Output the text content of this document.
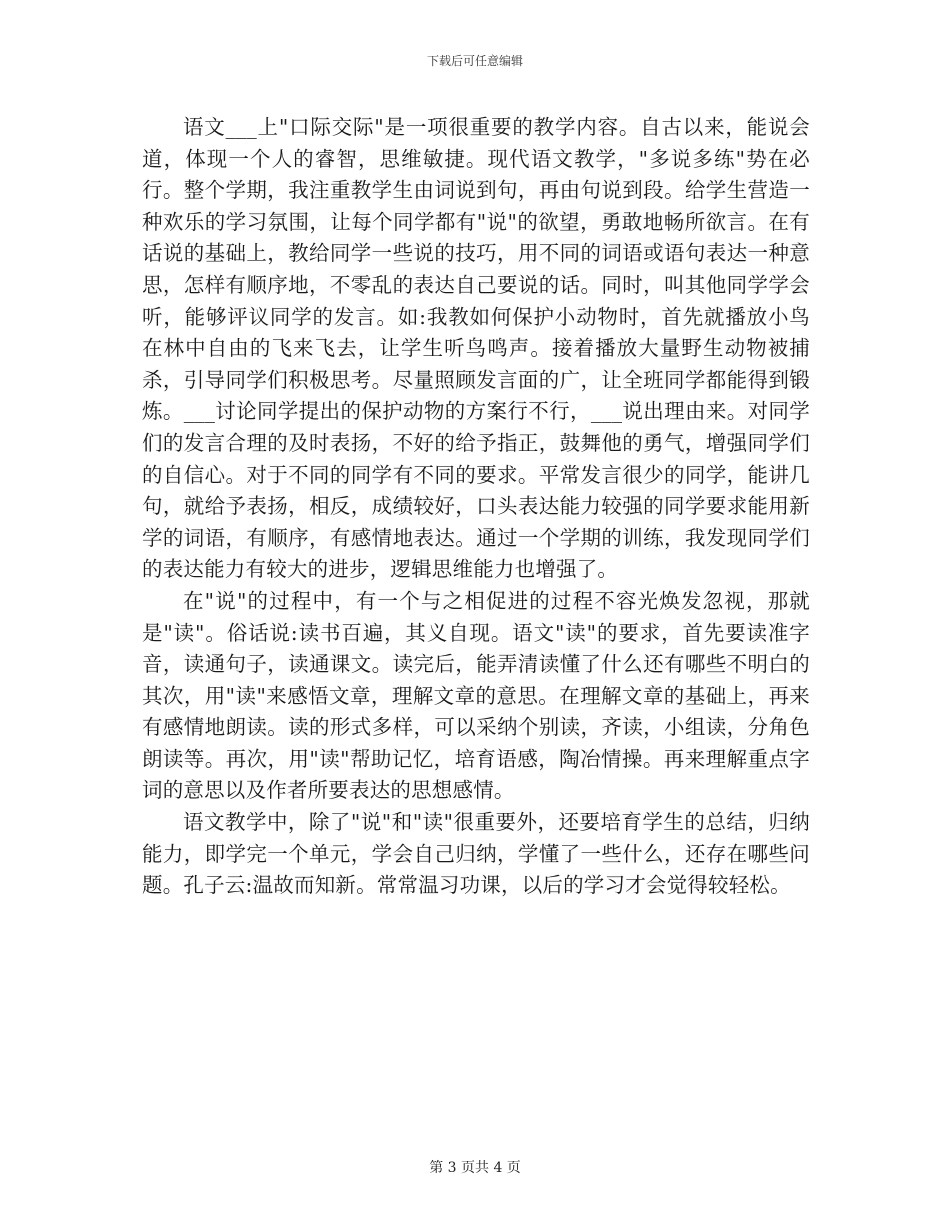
下载后可任意编辑

语文___上"口际交际"是一项很重要的教学内容。自古以来，能说会道，体现一个人的睿智，思维敏捷。现代语文教学，"多说多练"势在必行。整个学期，我注重教学生由词说到句，再由句说到段。给学生营造一种欢乐的学习氛围，让每个同学都有"说"的欲望，勇敢地畅所欲言。在有话说的基础上，教给同学一些说的技巧，用不同的词语或语句表达一种意思，怎样有顺序地，不零乱的表达自己要说的话。同时，叫其他同学学会听，能够评议同学的发言。如:我教如何保护小动物时，首先就播放小鸟在林中自由的飞来飞去，让学生听鸟鸣声。接着播放大量野生动物被捕杀，引导同学们积极思考。尽量照顾发言面的广，让全班同学都能得到锻炼。___讨论同学提出的保护动物的方案行不行，___说出理由来。对同学们的发言合理的及时表扬，不好的给予指正，鼓舞他的勇气，增强同学们的自信心。对于不同的同学有不同的要求。平常发言很少的同学，能讲几句，就给予表扬，相反，成绩较好，口头表达能力较强的同学要求能用新学的词语，有顺序，有感情地表达。通过一个学期的训练，我发现同学们的表达能力有较大的进步，逻辑思维能力也增强了。

在"说"的过程中，有一个与之相促进的过程不容光焕发忽视，那就是"读"。俗话说:读书百遍，其义自现。语文"读"的要求，首先要读准字音，读通句子，读通课文。读完后，能弄清读懂了什么还有哪些不明白的其次，用"读"来感悟文章，理解文章的意思。在理解文章的基础上，再来有感情地朗读。读的形式多样，可以采纳个别读，齐读，小组读，分角色朗读等。再次，用"读"帮助记忆，培育语感，陶冶情操。再来理解重点字词的意思以及作者所要表达的思想感情。

语文教学中，除了"说"和"读"很重要外，还要培育学生的总结，归纳能力，即学完一个单元，学会自己归纳，学懂了一些什么，还存在哪些问题。孔子云:温故而知新。常常温习功课，以后的学习才会觉得较轻松。

第 3 页共 4 页
